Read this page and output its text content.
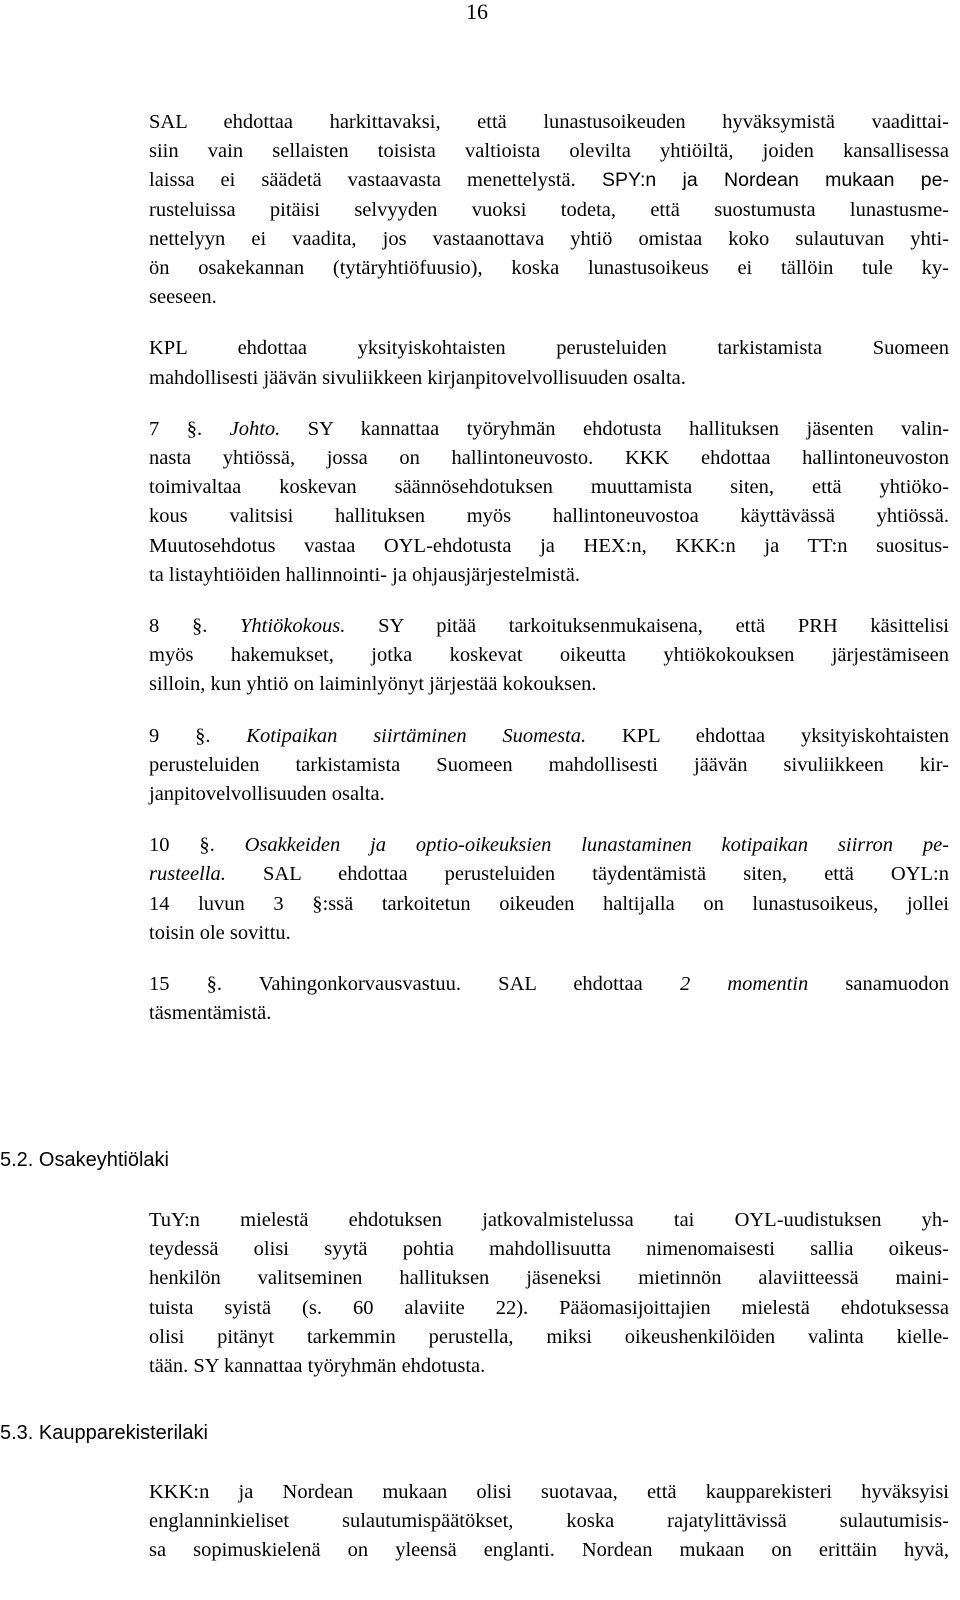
16
SAL ehdottaa harkittavaksi, että lunastusoikeuden hyväksymistä vaadittai-
siin vain sellaisten toisista valtioista olevilta yhtiöiltä, joiden kansallisessa
laissa ei säädetä vastaavasta menettelystä. SPY:n ja Nordean mukaan pe-
rusteluissa pitäisi selvyyden vuoksi todeta, että suostumusta lunastusme-
nettelyyn ei vaadita, jos vastaanottava yhtiö omistaa koko sulautuvan yhti-
ön osakekannan (tytäryhtiöfuusio), koska lunastusoikeus ei tällöin tule ky-
seeseen.
KPL ehdottaa yksityiskohtaisten perusteluiden tarkistamista Suomeen
mahdollisesti jäävän sivuliikkeen kirjanpitovelvollisuuden osalta.
7 §. Johto. SY kannattaa työryhmän ehdotusta hallituksen jäsenten valin-
nasta yhtiössä, jossa on hallintoneuvosto. KKK ehdottaa hallintoneuvoston
toimivaltaa koskevan säännösehdotuksen muuttamista siten, että yhtiöko-
kous valitsisi hallituksen myös hallintoneuvostoa käyttävässä yhtiössä.
Muutosehdotus vastaa OYL-ehdotusta ja HEX:n, KKK:n ja TT:n suositus-
ta listayhtiöiden hallinnointi- ja ohjausjärjestelmistä.
8 §. Yhtiökokous. SY pitää tarkoituksenmukaisena, että PRH käsittelisi
myös hakemukset, jotka koskevat oikeutta yhtiökokouksen järjestämiseen
silloin, kun yhtiö on laiminlyönyt järjestää kokouksen.
9 §. Kotipaikan siirtäminen Suomesta. KPL ehdottaa yksityiskohtaisten
perusteluiden tarkistamista Suomeen mahdollisesti jäävän sivuliikkeen kir-
janpitovelvollisuuden osalta.
10 §. Osakkeiden ja optio-oikeuksien lunastaminen kotipaikan siirron pe-
rusteella. SAL ehdottaa perusteluiden täydentämistä siten, että OYL:n
14 luvun 3 §:ssä tarkoitetun oikeuden haltijalla on lunastusoikeus, jollei
toisin ole sovittu.
15 §. Vahingonkorvausvastuu. SAL ehdottaa 2 momentin sanamuodon
täsmentämistä.
5.2. Osakeyhtiölaki
TuY:n mielestä ehdotuksen jatkovalmistelussa tai OYL-uudistuksen yh-
teydessä olisi syytä pohtia mahdollisuutta nimenomaisesti sallia oikeus-
henkilön valitseminen hallituksen jäseneksi mietinnön alaviitteessä maini-
tuista syistä (s. 60 alaviite 22). Pääomasijoittajien mielestä ehdotuksessa
olisi pitänyt tarkemmin perustella, miksi oikeushenkilöiden valinta kielle-
tään. SY kannattaa työryhmän ehdotusta.
5.3. Kaupparekisterilaki
KKK:n ja Nordean mukaan olisi suotavaa, että kaupparekisteri hyväksyisi
englanninkieliset sulautumispäätökset, koska rajatylittävissä sulautumisis-
sa sopimuskielenä on yleensä englanti. Nordean mukaan on erittäin hyvä,
